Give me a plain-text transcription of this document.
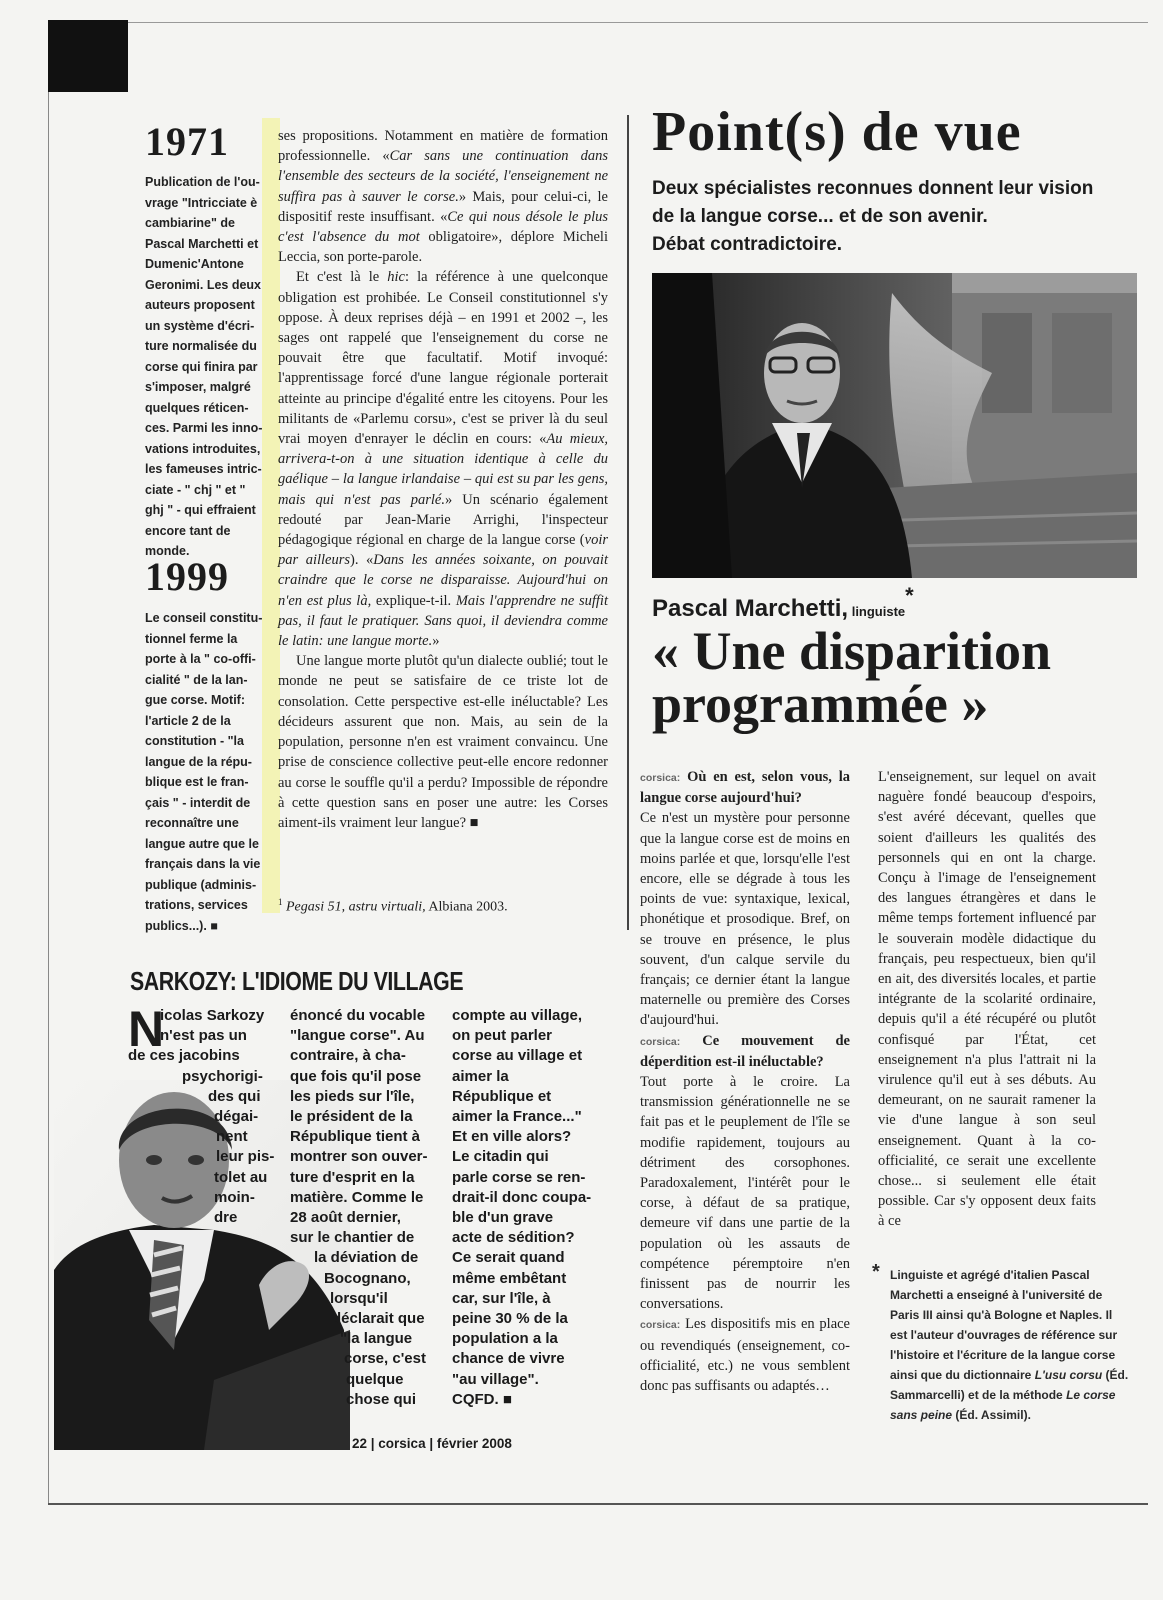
1971
Publication de l'ou-
vrage "Intricciate è
cambiarine" de
Pascal Marchetti et
Dumenic'Antone
Geronimi. Les deux
auteurs proposent
un système d'écri-
ture normalisée du
corse qui finira par
s'imposer, malgré
quelques réticen-
ces. Parmi les inno-
vations introduites,
les fameuses intric-
ciate - " chj " et "
ghj " - qui effraient
encore tant de
monde.
1999
Le conseil constitu-
tionnel ferme la
porte à la " co-offi-
cialité " de la lan-
gue corse. Motif:
l'article 2 de la
constitution - "la
langue de la répu-
blique est le fran-
çais " - interdit de
reconnaître une
langue autre que le
français dans la vie
publique (adminis-
trations, services
publics...). ■

ses propositions. Notamment en matière de formation professionnelle. «Car sans une continuation dans l'ensemble des secteurs de la société, l'enseignement ne suffira pas à sauver le corse.» Mais, pour celui-ci, le dispositif reste insuffisant. «Ce qui nous désole le plus c'est l'absence du mot obligatoire», déplore Micheli Leccia, son porte-parole.

Et c'est là le hic: la référence à une quelconque obligation est prohibée. Le Conseil constitutionnel s'y oppose. À deux reprises déjà – en 1991 et 2002 –, les sages ont rappelé que l'enseignement du corse ne pouvait être que facultatif. Motif invoqué: l'apprentissage forcé d'une langue régionale porterait atteinte au principe d'égalité entre les citoyens. Pour les militants de «Parlemu corsu», c'est se priver là du seul vrai moyen d'enrayer le déclin en cours: «Au mieux, arrivera-t-on à une situation identique à celle du gaélique – la langue irlandaise – qui est su par les gens, mais qui n'est pas parlé.» Un scénario également redouté par Jean-Marie Arrighi, l'inspecteur pédagogique régional en charge de la langue corse (voir par ailleurs). «Dans les années soixante, on pouvait craindre que le corse ne disparaisse. Aujourd'hui on n'en est plus là, explique-t-il. Mais l'apprendre ne suffit pas, il faut le pratiquer. Sans quoi, il deviendra comme le latin: une langue morte.»

Une langue morte plutôt qu'un dialecte oublié; tout le monde ne peut se satisfaire de ce triste lot de consolation. Cette perspective est-elle inéluctable? Les décideurs assurent que non. Mais, au sein de la population, personne n'en est vraiment convaincu. Une prise de conscience collective peut-elle encore redonner au corse le souffle qu'il a perdu? Impossible de répondre à cette question sans en poser une autre: les Corses aiment-ils vraiment leur langue? ■

$^1$ Pegasi 51, astru virtuali, Albiana 2003.
Point(s) de vue
Deux spécialistes reconnues donnent leur vision
de la langue corse... et de son avenir.
Débat contradictoire.
Pascal Marchetti, linguiste*
« Une disparition
programmée »

corsica: Où en est, selon vous, la langue corse aujourd'hui?

Ce n'est un mystère pour personne que la langue corse est de moins en moins parlée et que, lorsqu'elle l'est encore, elle se dégrade à tous les points de vue: syntaxique, lexical, phonétique et prosodique. Bref, on se trouve en présence, le plus souvent, d'un calque servile du français; ce dernier étant la langue maternelle ou première des Corses d'aujourd'hui.

corsica: Ce mouvement de déperdition est-il inéluctable?

Tout porte à le croire. La transmission générationnelle ne se fait pas et le peuplement de l'île se modifie rapidement, toujours au détriment des corsophones. Paradoxalement, l'intérêt pour le corse, à défaut de sa pratique, demeure vif dans une partie de la population où les assauts de compétence péremptoire n'en finissent pas de nourrir les conversations.

corsica: Les dispositifs mis en place ou revendiqués (enseignement, co-officialité, etc.) ne vous semblent donc pas suffisants ou adaptés…

L'enseignement, sur lequel on avait naguère fondé beaucoup d'espoirs, s'est avéré décevant, quelles que soient d'ailleurs les qualités des personnels qui en ont la charge. Conçu à l'image de l'enseignement des langues étrangères et dans le même temps fortement influencé par le souverain modèle didactique du français, peu respectueux, bien qu'il en ait, des diversités locales, et partie intégrante de la scolarité ordinaire, depuis qu'il a été récupéré ou plutôt confisqué par l'État, cet enseignement n'a plus l'attrait ni la virulence qu'il eut à ses débuts. Au demeurant, on ne saurait ramener la vie d'une langue à son seul enseignement. Quant à la co-officialité, ce serait une excellente chose... si seulement elle était possible. Car s'y opposent deux faits à ce

* Linguiste et agrégé d'italien Pascal Marchetti a enseigné à l'université de Paris III ainsi qu'à Bologne et Naples. Il est l'auteur d'ouvrages de référence sur l'histoire et l'écriture de la langue corse ainsi que du dictionnaire L'usu corsu (Éd. Sammarcelli) et de la méthode Le corse sans peine (Éd. Assimil).
SARKOZY: L'IDIOME DU VILLAGE
N
icolas Sarkozy
n'est pas un
de ces jacobins
psychorigi-
des qui
dégai-
nent
leur pis-
tolet au
moin-
dre
énoncé du vocable
"langue corse". Au
contraire, à cha-
que fois qu'il pose
les pieds sur l'île,
le président de la
République tient à
montrer son ouver-
ture d'esprit en la
matière. Comme le
28 août dernier,
sur le chantier de
la déviation de
Bocognano,
lorsqu'il
déclarait que
"la langue
corse, c'est
quelque
chose qui
compte au village,
on peut parler
corse au village et
aimer la
République et
aimer la France..."
Et en ville alors?
Le citadin qui
parle corse se ren-
drait-il donc coupa-
ble d'un grave
acte de sédition?
Ce serait quand
même embêtant
car, sur l'île, à
peine 30 % de la
population a la
chance de vivre
"au village".
CQFD. ■
22 | corsica | février 2008
